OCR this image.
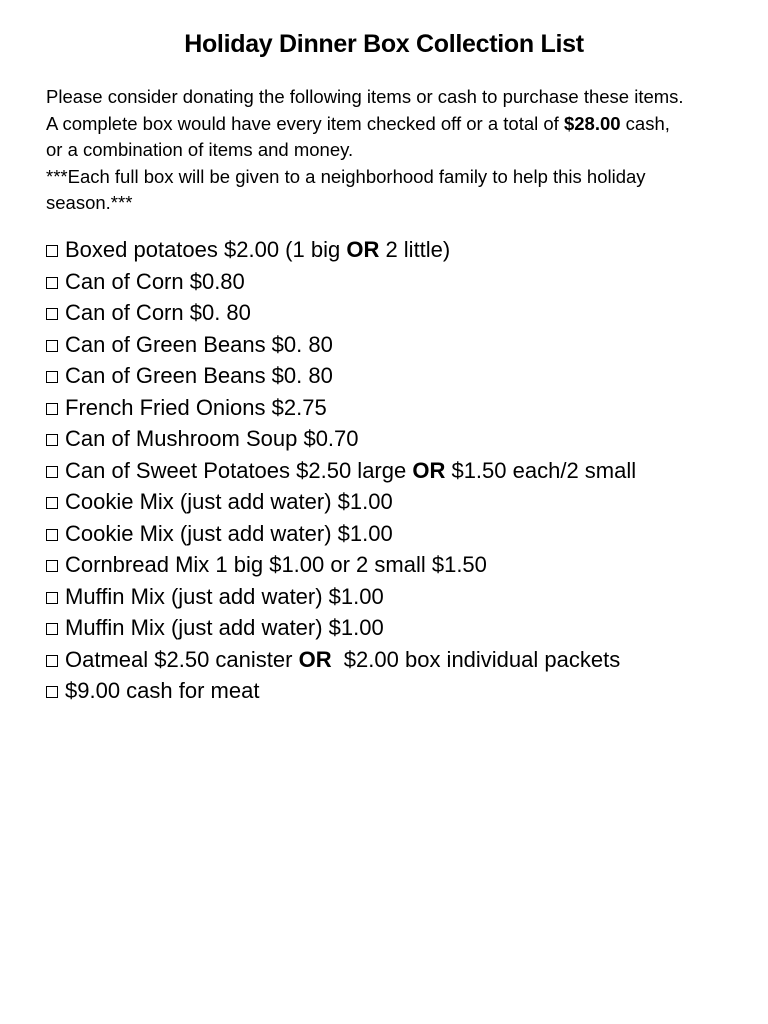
Holiday Dinner Box Collection List

Please consider donating the following items or cash to purchase these items.

A complete box would have every item checked off or a total of $28.00 cash,

or a combination of items and money.

***Each full box will be given to a neighborhood family to help this holiday season.***

Boxed potatoes $2.00 (1 big OR 2 little)
Can of Corn $0.80
Can of Corn $0. 80
Can of Green Beans $0. 80
Can of Green Beans $0. 80
French Fried Onions $2.75
Can of Mushroom Soup $0.70
Can of Sweet Potatoes $2.50 large OR $1.50 each/2 small
Cookie Mix (just add water) $1.00
Cookie Mix (just add water) $1.00
Cornbread Mix 1 big $1.00 or 2 small $1.50
Muffin Mix (just add water) $1.00
Muffin Mix (just add water) $1.00
Oatmeal $2.50 canister OR  $2.00 box individual packets
$9.00 cash for meat
